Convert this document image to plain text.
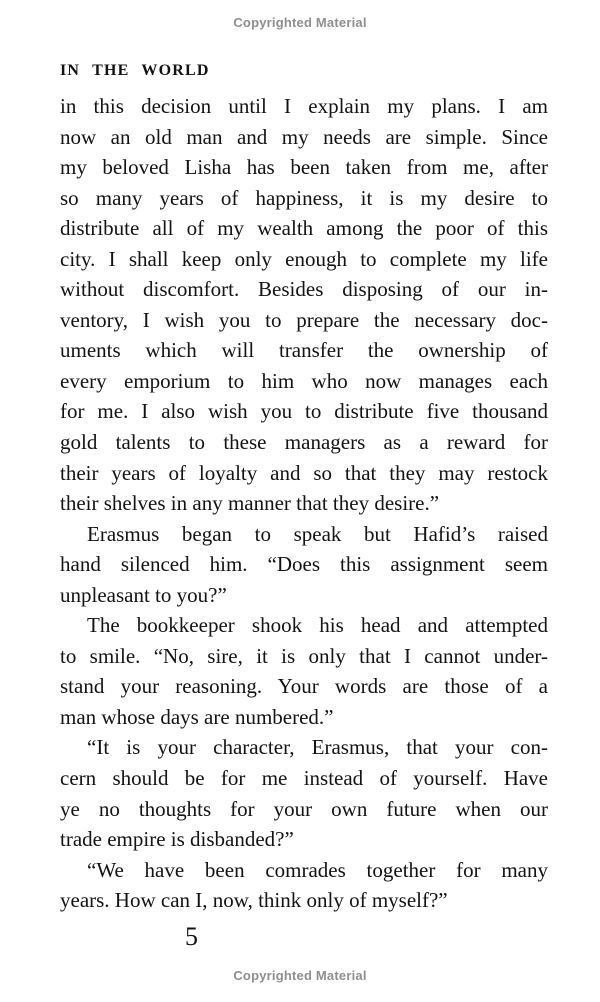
Copyrighted Material
IN THE WORLD
in this decision until I explain my plans. I am
now an old man and my needs are simple. Since
my beloved Lisha has been taken from me, after
so many years of happiness, it is my desire to
distribute all of my wealth among the poor of this
city. I shall keep only enough to complete my life
without discomfort. Besides disposing of our in-
ventory, I wish you to prepare the necessary doc-
uments which will transfer the ownership of
every emporium to him who now manages each
for me. I also wish you to distribute five thousand
gold talents to these managers as a reward for
their years of loyalty and so that they may restock
their shelves in any manner that they desire.”
Erasmus began to speak but Hafid’s raised
hand silenced him. “Does this assignment seem
unpleasant to you?”
The bookkeeper shook his head and attempted
to smile. “No, sire, it is only that I cannot under-
stand your reasoning. Your words are those of a
man whose days are numbered.”
“It is your character, Erasmus, that your con-
cern should be for me instead of yourself. Have
ye no thoughts for your own future when our
trade empire is disbanded?”
“We have been comrades together for many
years. How can I, now, think only of myself?”
5
Copyrighted Material
